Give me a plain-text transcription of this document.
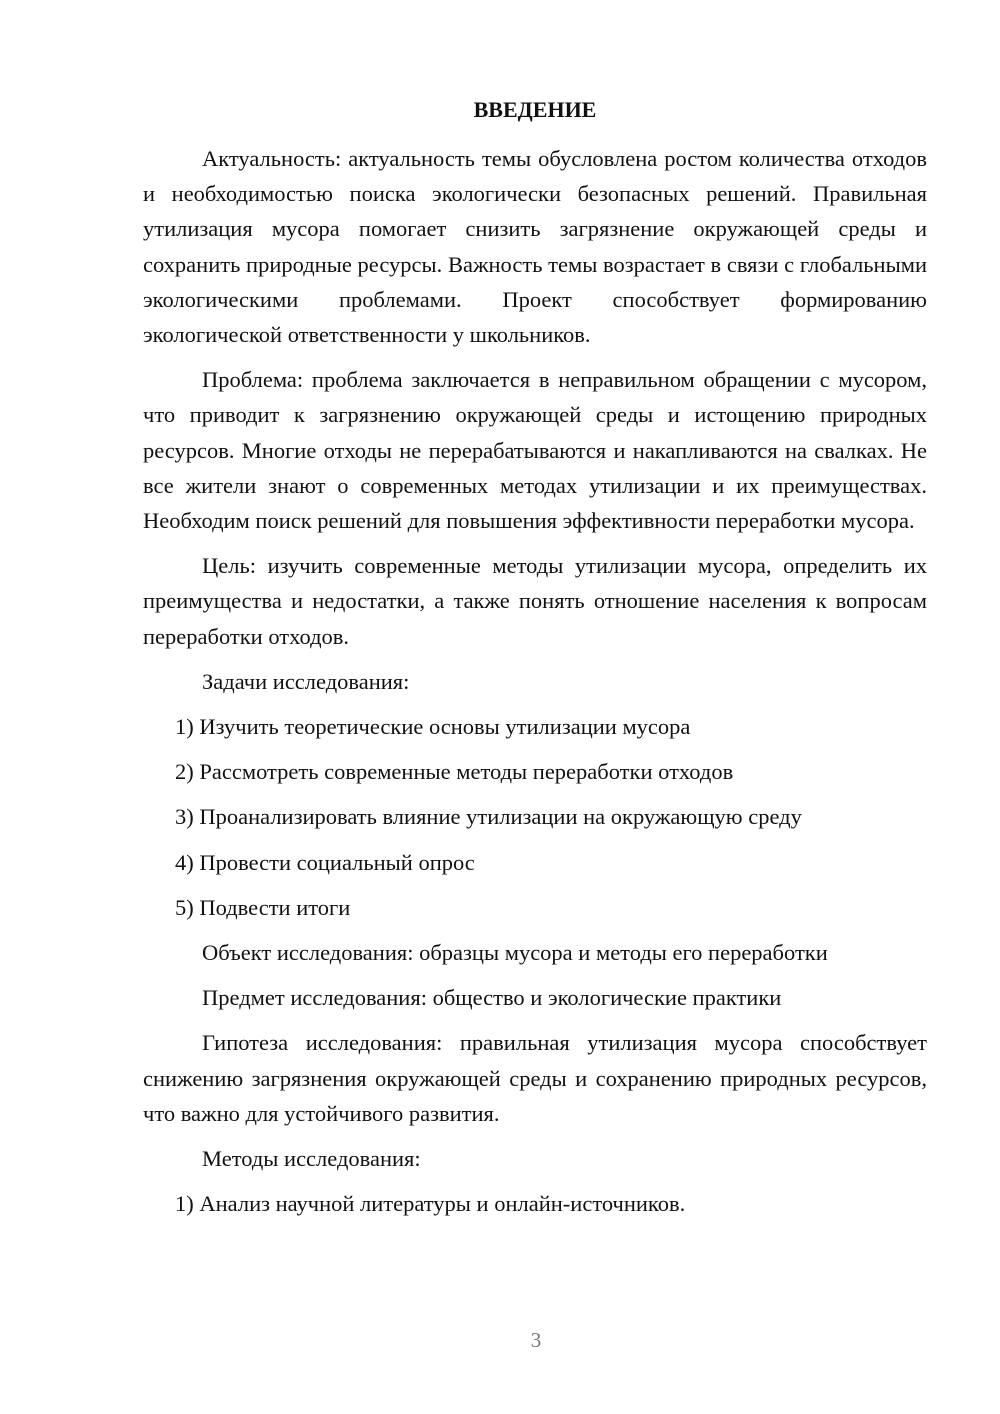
ВВЕДЕНИЕ

Актуальность: актуальность темы обусловлена ростом количества отходов и необходимостью поиска экологически безопасных решений. Правильная утилизация мусора помогает снизить загрязнение окружающей среды и сохранить природные ресурсы. Важность темы возрастает в связи с глобальными экологическими проблемами. Проект способствует формированию экологической ответственности у школьников.

Проблема: проблема заключается в неправильном обращении с мусором, что приводит к загрязнению окружающей среды и истощению природных ресурсов. Многие отходы не перерабатываются и накапливаются на свалках. Не все жители знают о современных методах утилизации и их преимуществах. Необходим поиск решений для повышения эффективности переработки мусора.

Цель: изучить современные методы утилизации мусора, определить их преимущества и недостатки, а также понять отношение населения к вопросам переработки отходов.

Задачи исследования:

1) Изучить теоретические основы утилизации мусора

2) Рассмотреть современные методы переработки отходов

3) Проанализировать влияние утилизации на окружающую среду

4) Провести социальный опрос

5) Подвести итоги

Объект исследования: образцы мусора и методы его переработки

Предмет исследования: общество и экологические практики

Гипотеза исследования: правильная утилизация мусора способствует снижению загрязнения окружающей среды и сохранению природных ресурсов, что важно для устойчивого развития.

Методы исследования:

1) Анализ научной литературы и онлайн-источников.

3
